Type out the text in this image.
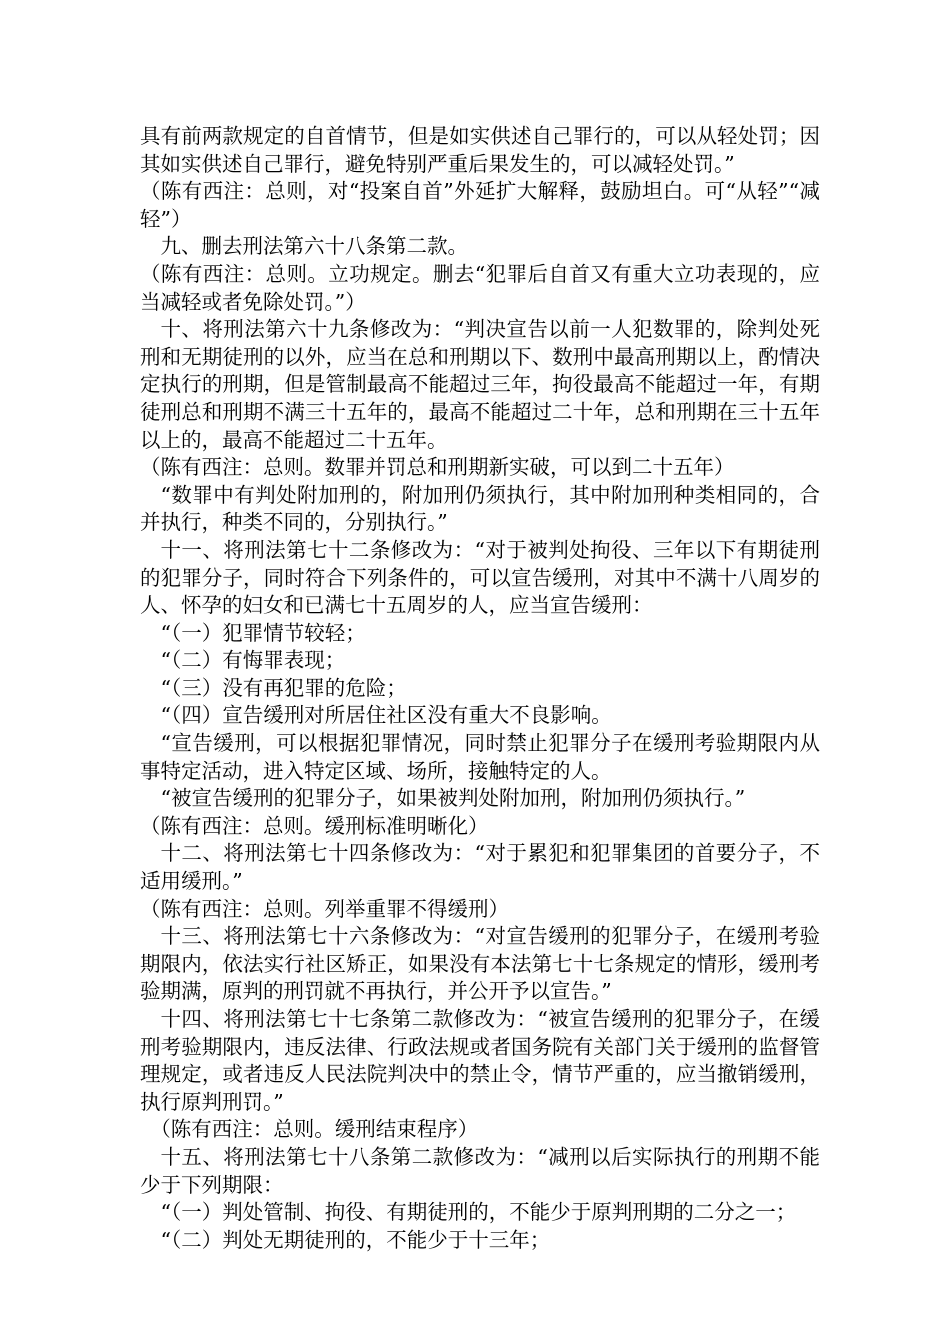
具有前两款规定的自首情节，但是如实供述自己罪行的，可以从轻处罚；因其如实供述自己罪行，避免特别严重后果发生的，可以减轻处罚。”

（陈有西注：总则，对“投案自首”外延扩大解释，鼓励坦白。可“从轻”“减轻”）

九、删去刑法第六十八条第二款。

（陈有西注：总则。立功规定。删去“犯罪后自首又有重大立功表现的，应当减轻或者免除处罚。”）

十、将刑法第六十九条修改为：“判决宣告以前一人犯数罪的，除判处死刑和无期徒刑的以外，应当在总和刑期以下、数刑中最高刑期以上，酌情决定执行的刑期，但是管制最高不能超过三年，拘役最高不能超过一年，有期徒刑总和刑期不满三十五年的，最高不能超过二十年，总和刑期在三十五年以上的，最高不能超过二十五年。

（陈有西注：总则。数罪并罚总和刑期新实破，可以到二十五年）

“数罪中有判处附加刑的，附加刑仍须执行，其中附加刑种类相同的，合并执行，种类不同的，分别执行。”

十一、将刑法第七十二条修改为：“对于被判处拘役、三年以下有期徒刑的犯罪分子，同时符合下列条件的，可以宣告缓刑，对其中不满十八周岁的人、怀孕的妇女和已满七十五周岁的人，应当宣告缓刑：

“（一）犯罪情节较轻；

“（二）有悔罪表现；

“（三）没有再犯罪的危险；

“（四）宣告缓刑对所居住社区没有重大不良影响。

“宣告缓刑，可以根据犯罪情况，同时禁止犯罪分子在缓刑考验期限内从事特定活动，进入特定区域、场所，接触特定的人。

“被宣告缓刑的犯罪分子，如果被判处附加刑，附加刑仍须执行。”

（陈有西注：总则。缓刑标准明晰化）

十二、将刑法第七十四条修改为：“对于累犯和犯罪集团的首要分子，不适用缓刑。”

（陈有西注：总则。列举重罪不得缓刑）

十三、将刑法第七十六条修改为：“对宣告缓刑的犯罪分子，在缓刑考验期限内，依法实行社区矫正，如果没有本法第七十七条规定的情形，缓刑考验期满，原判的刑罚就不再执行，并公开予以宣告。”

十四、将刑法第七十七条第二款修改为：“被宣告缓刑的犯罪分子，在缓刑考验期限内，违反法律、行政法规或者国务院有关部门关于缓刑的监督管理规定，或者违反人民法院判决中的禁止令，情节严重的，应当撤销缓刑，执行原判刑罚。”

（陈有西注：总则。缓刑结束程序）

十五、将刑法第七十八条第二款修改为：“减刑以后实际执行的刑期不能少于下列期限：

“（一）判处管制、拘役、有期徒刑的，不能少于原判刑期的二分之一；

“（二）判处无期徒刑的，不能少于十三年；
